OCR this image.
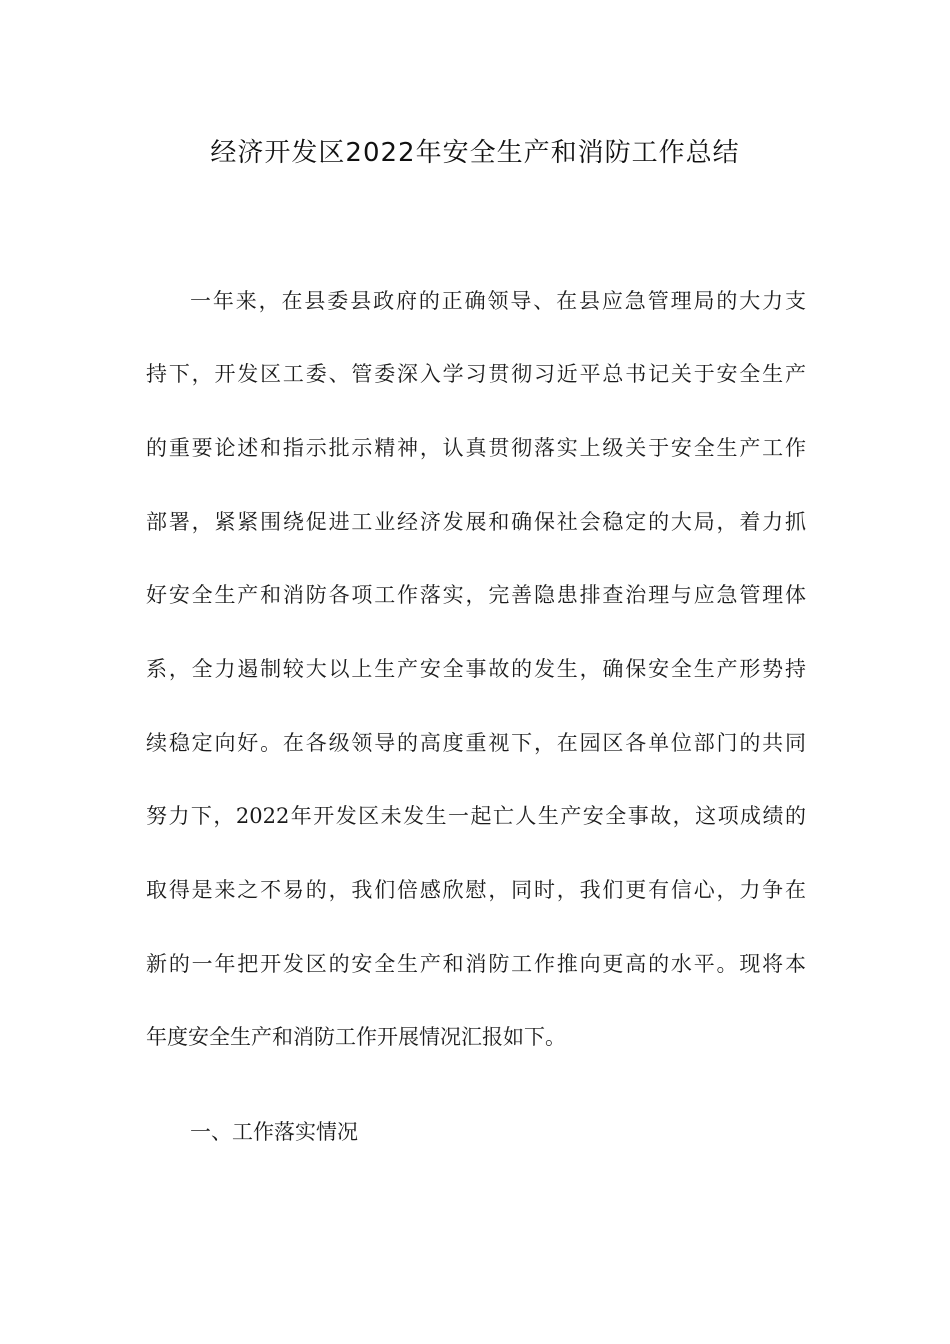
经济开发区2022年安全生产和消防工作总结
一年来，在县委县政府的正确领导、在县应急管理局的大力支
持下，开发区工委、管委深入学习贯彻习近平总书记关于安全生产
的重要论述和指示批示精神，认真贯彻落实上级关于安全生产工作
部署，紧紧围绕促进工业经济发展和确保社会稳定的大局，着力抓
好安全生产和消防各项工作落实，完善隐患排查治理与应急管理体
系，全力遏制较大以上生产安全事故的发生，确保安全生产形势持
续稳定向好。在各级领导的高度重视下，在园区各单位部门的共同
努力下，2022年开发区未发生一起亡人生产安全事故，这项成绩的
取得是来之不易的，我们倍感欣慰，同时，我们更有信心，力争在
新的一年把开发区的安全生产和消防工作推向更高的水平。现将本
年度安全生产和消防工作开展情况汇报如下。
一、工作落实情况
